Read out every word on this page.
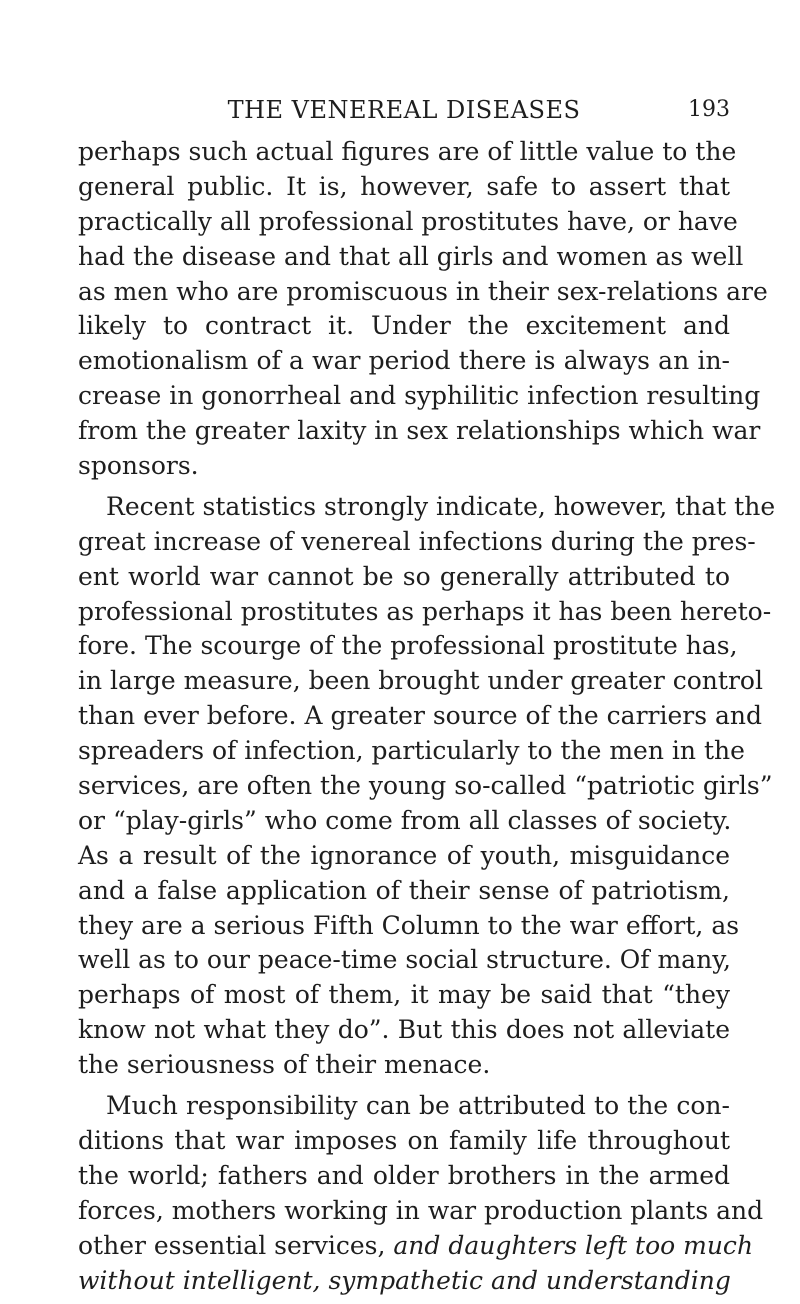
THE VENEREAL DISEASES	193

perhaps such actual figures are of little value to the
general public. It is, however, safe to assert that
practically all professional prostitutes have, or have
had the disease and that all girls and women as well
as men who are promiscuous in their sex-relations are
likely to contract it. Under the excitement and
emotionalism of a war period there is always an in-
crease in gonorrheal and syphilitic infection resulting
from the greater laxity in sex relationships which war
sponsors.

Recent statistics strongly indicate, however, that the
great increase of venereal infections during the pres-
ent world war cannot be so generally attributed to
professional prostitutes as perhaps it has been hereto-
fore. The scourge of the professional prostitute has,
in large measure, been brought under greater control
than ever before. A greater source of the carriers and
spreaders of infection, particularly to the men in the
services, are often the young so-called “patriotic girls”
or “play-girls” who come from all classes of society.
As a result of the ignorance of youth, misguidance
and a false application of their sense of patriotism,
they are a serious Fifth Column to the war effort, as
well as to our peace-time social structure. Of many,
perhaps of most of them, it may be said that “they
know not what they do”. But this does not alleviate
the seriousness of their menace.

Much responsibility can be attributed to the con-
ditions that war imposes on family life throughout
the world; fathers and older brothers in the armed
forces, mothers working in war production plants and
other essential services, and daughters left too much
without intelligent, sympathetic and understanding
